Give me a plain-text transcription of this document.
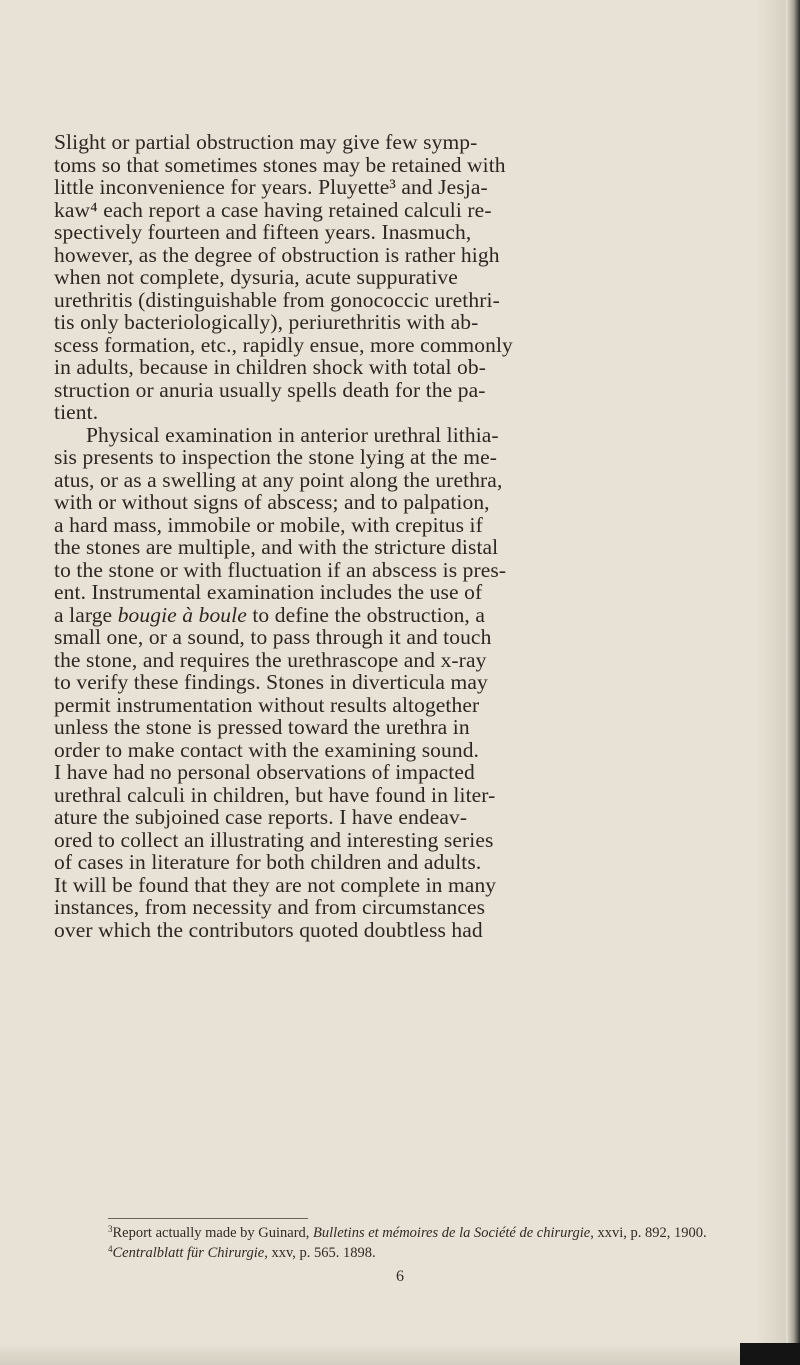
Slight or partial obstruction may give few symp-
toms so that sometimes stones may be retained with
little inconvenience for years. Pluyette³ and Jesja-
kaw⁴ each report a case having retained calculi re-
spectively fourteen and fifteen years. Inasmuch,
however, as the degree of obstruction is rather high
when not complete, dysuria, acute suppurative
urethritis (distinguishable from gonococcic urethri-
tis only bacteriologically), periurethritis with ab-
scess formation, etc., rapidly ensue, more commonly
in adults, because in children shock with total ob-
struction or anuria usually spells death for the pa-
tient.

Physical examination in anterior urethral lithia-
sis presents to inspection the stone lying at the me-
atus, or as a swelling at any point along the urethra,
with or without signs of abscess; and to palpation,
a hard mass, immobile or mobile, with crepitus if
the stones are multiple, and with the stricture distal
to the stone or with fluctuation if an abscess is pres-
ent. Instrumental examination includes the use of
a large bougie à boule to define the obstruction, a
small one, or a sound, to pass through it and touch
the stone, and requires the urethrascope and x-ray
to verify these findings. Stones in diverticula may
permit instrumentation without results altogether
unless the stone is pressed toward the urethra in
order to make contact with the examining sound.

I have had no personal observations of impacted
urethral calculi in children, but have found in liter-
ature the subjoined case reports. I have endeav-
ored to collect an illustrating and interesting series
of cases in literature for both children and adults.
It will be found that they are not complete in many
instances, from necessity and from circumstances
over which the contributors quoted doubtless had

$^3$Report actually made by Guinard, Bulletins et mémoires de la Société de chirurgie, xxvi, p. 892, 1900.

$^4$Centralblatt für Chirurgie, xxv, p. 565. 1898.

6
